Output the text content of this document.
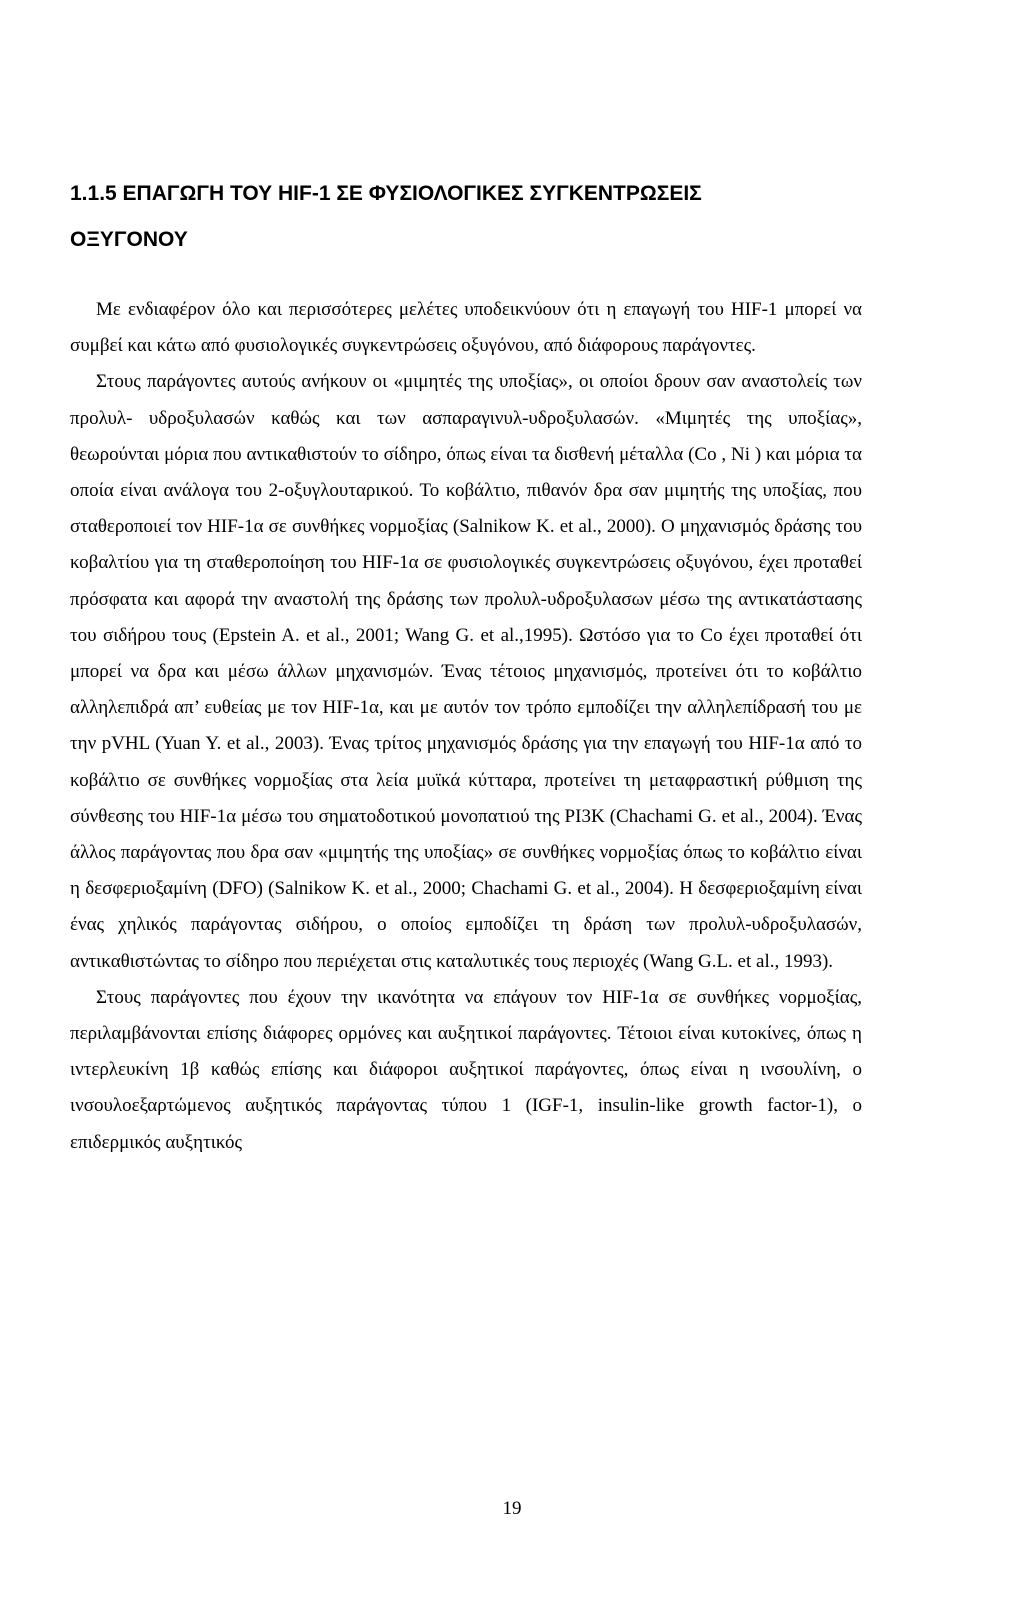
1.1.5 ΕΠΑΓΩΓΗ ΤΟΥ HIF-1 ΣΕ ΦΥΣΙΟΛΟΓΙΚΕΣ ΣΥΓΚΕΝΤΡΩΣΕΙΣ
ΟΞΥΓΟΝΟΥ

Με ενδιαφέρον όλο και περισσότερες μελέτες υποδεικνύουν ότι η επαγωγή του HIF-1 μπορεί να συμβεί και κάτω από φυσιολογικές συγκεντρώσεις οξυγόνου, από διάφορους παράγοντες.

Στους παράγοντες αυτούς ανήκουν οι «μιμητές της υποξίας», οι οποίοι δρουν σαν αναστολείς των προλυλ- υδροξυλασών καθώς και των ασπαραγινυλ-υδροξυλασών. «Μιμητές της υποξίας», θεωρούνται μόρια που αντικαθιστούν το σίδηρο, όπως είναι τα δισθενή μέταλλα (Co , Ni ) και μόρια τα οποία είναι ανάλογα του 2-οξυγλουταρικού. Το κοβάλτιο, πιθανόν δρα σαν μιμητής της υποξίας, που σταθεροποιεί τον HIF-1α σε συνθήκες νορμοξίας (Salnikow K. et al., 2000). Ο μηχανισμός δράσης του κοβαλτίου για τη σταθεροποίηση του HIF-1α σε φυσιολογικές συγκεντρώσεις οξυγόνου, έχει προταθεί πρόσφατα και αφορά την αναστολή της δράσης των προλυλ-υδροξυλασων μέσω της αντικατάστασης του σιδήρου τους (Epstein A. et al., 2001; Wang G. et al.,1995). Ωστόσο για το Co έχει προταθεί ότι μπορεί να δρα και μέσω άλλων μηχανισμών. Ένας τέτοιος μηχανισμός, προτείνει ότι το κοβάλτιο αλληλεπιδρά απ’ ευθείας με τον HIF-1α, και με αυτόν τον τρόπο εμποδίζει την αλληλεπίδρασή του με την pVHL (Yuan Y. et al., 2003). Ένας τρίτος μηχανισμός δράσης για την επαγωγή του HIF-1α από το κοβάλτιο σε συνθήκες νορμοξίας στα λεία μυϊκά κύτταρα, προτείνει τη μεταφραστική ρύθμιση της σύνθεσης του HIF-1α μέσω του σηματοδοτικού μονοπατιού της PI3K (Chachami G. et al., 2004). Ένας άλλος παράγοντας που δρα σαν «μιμητής της υποξίας» σε συνθήκες νορμοξίας όπως το κοβάλτιο είναι η δεσφεριοξαμίνη (DFO) (Salnikow K. et al., 2000; Chachami G. et al., 2004). Η δεσφεριοξαμίνη είναι ένας χηλικός παράγοντας σιδήρου, ο οποίος εμποδίζει τη δράση των προλυλ-υδροξυλασών, αντικαθιστώντας το σίδηρο που περιέχεται στις καταλυτικές τους περιοχές (Wang G.L. et al., 1993).

Στους παράγοντες που έχουν την ικανότητα να επάγουν τον HIF-1α σε συνθήκες νορμοξίας, περιλαμβάνονται επίσης διάφορες ορμόνες και αυξητικοί παράγοντες. Τέτοιοι είναι κυτοκίνες, όπως η ιντερλευκίνη 1β καθώς επίσης και διάφοροι αυξητικοί παράγοντες, όπως είναι η ινσουλίνη, ο ινσουλοεξαρτώμενος αυξητικός παράγοντας τύπου 1 (IGF-1, insulin-like growth factor-1), ο επιδερμικός αυξητικός

19
